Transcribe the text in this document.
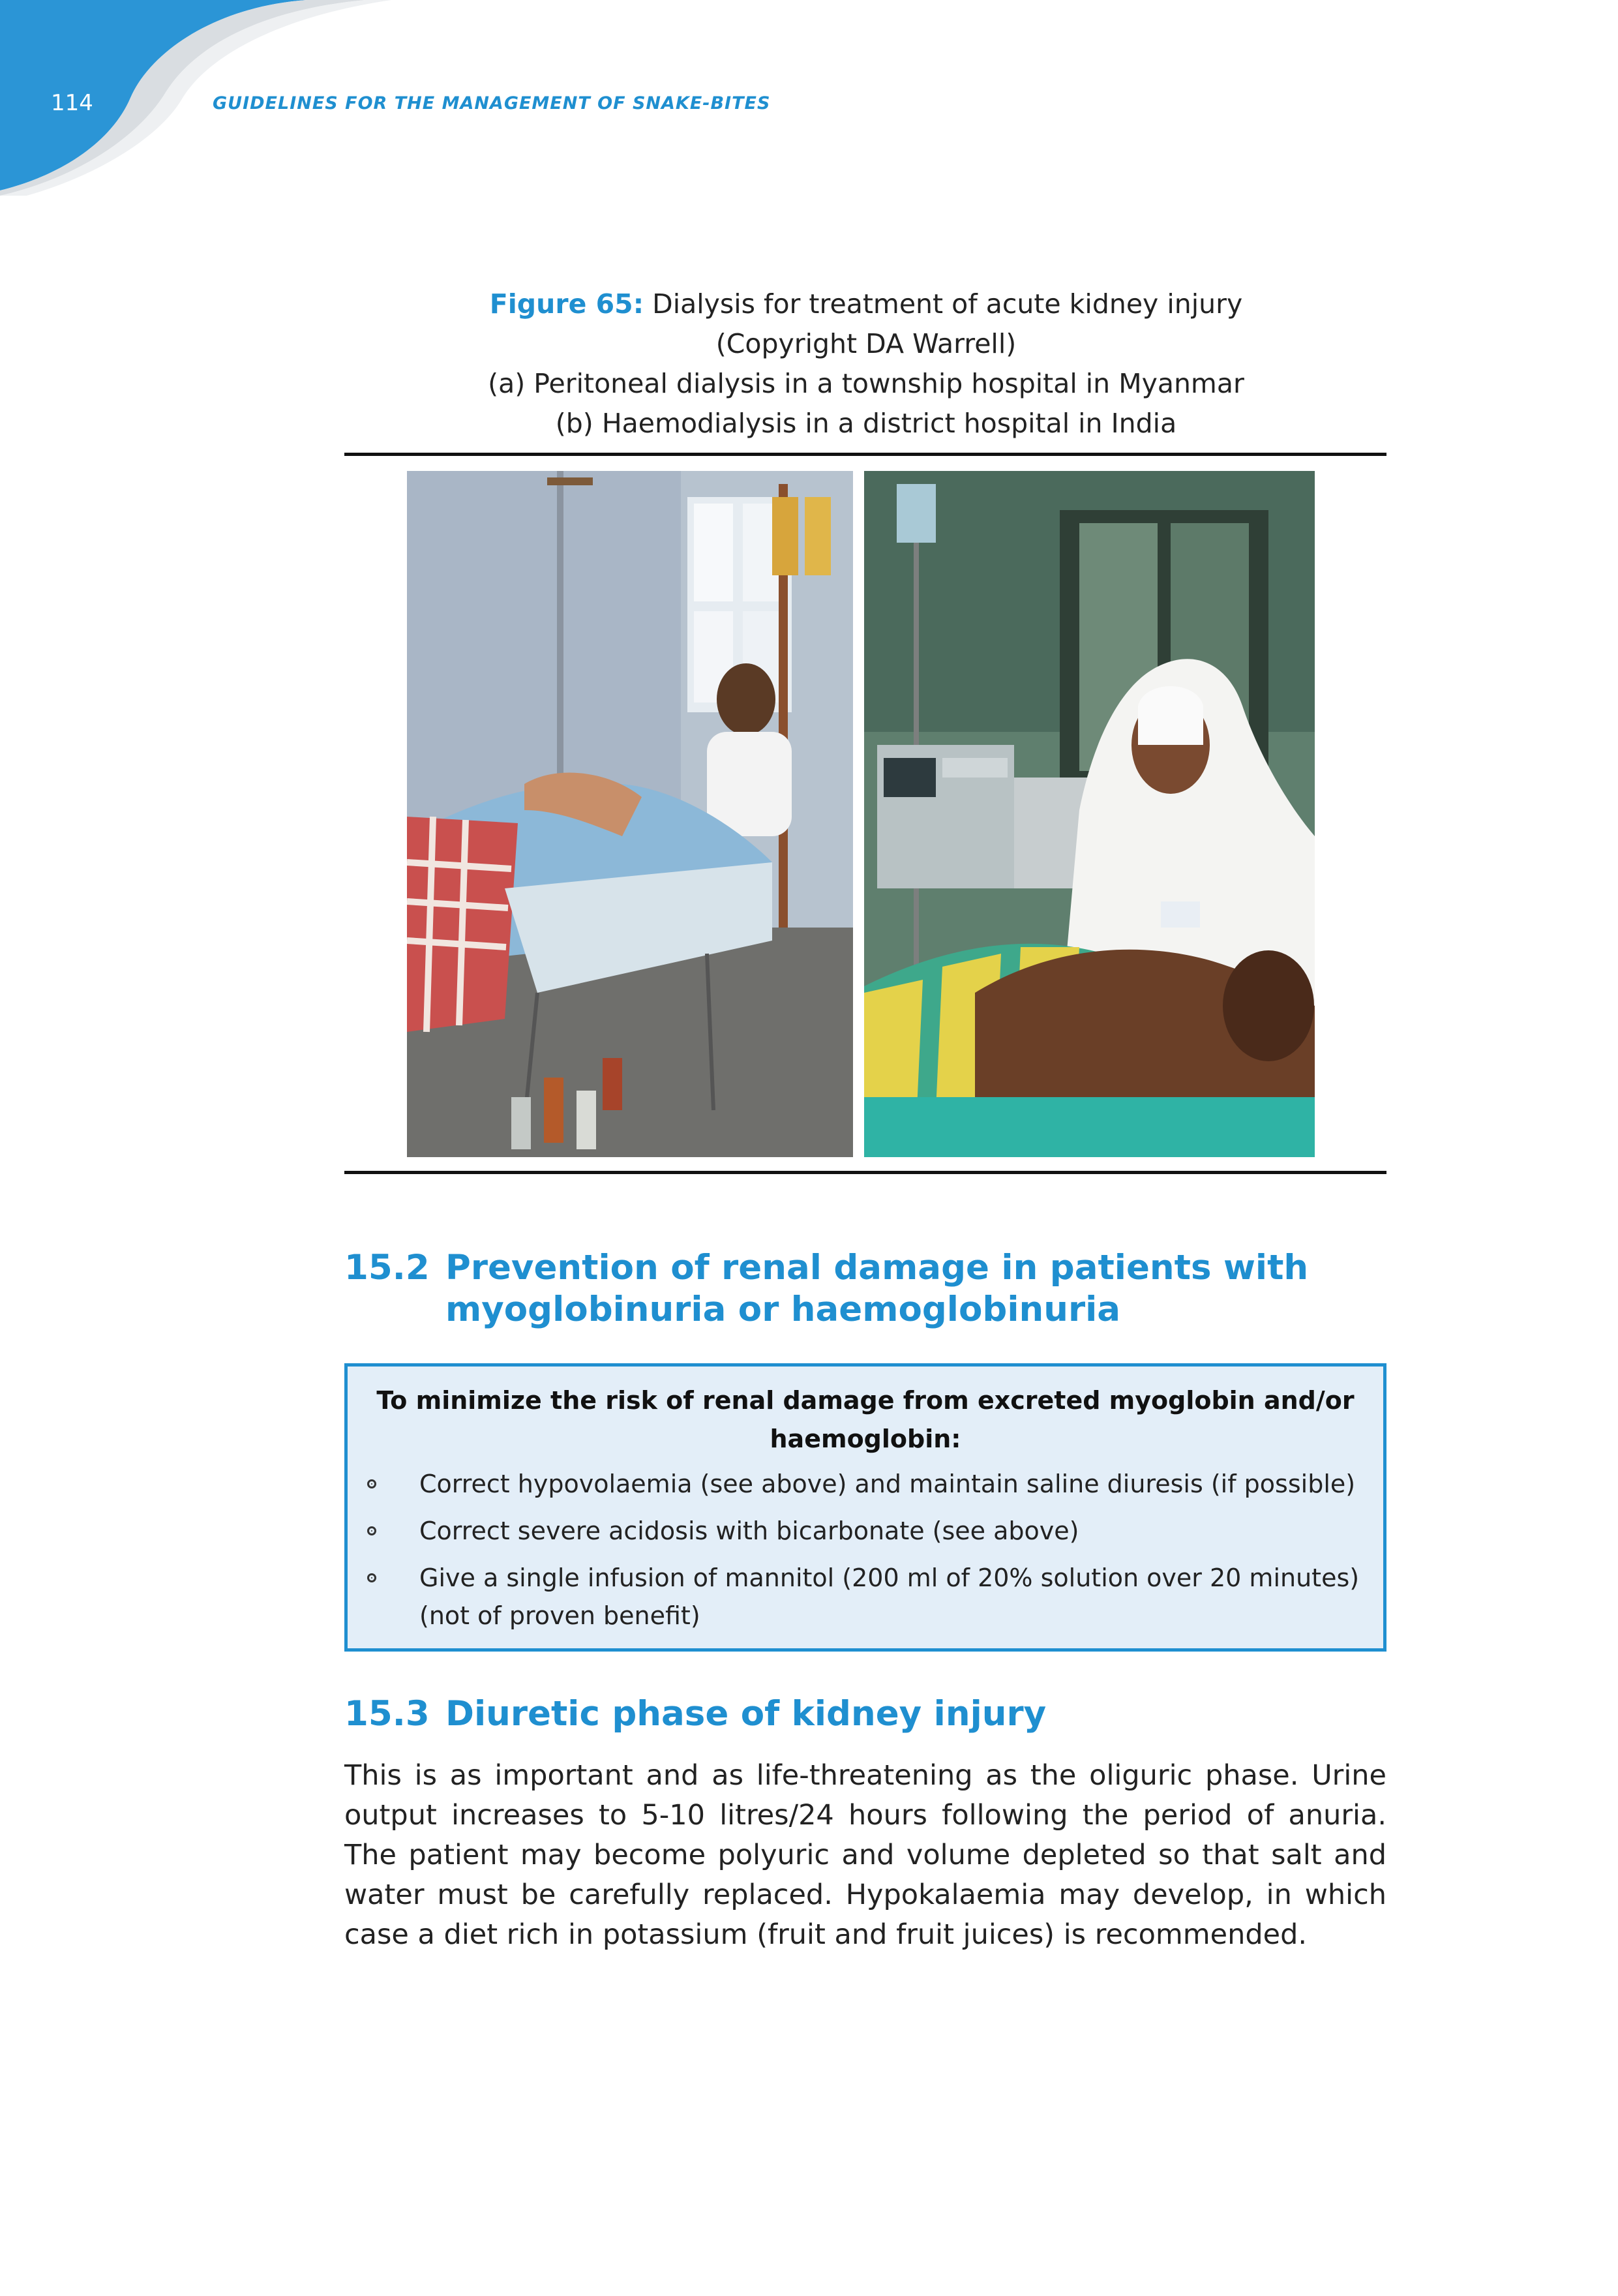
114	GUIDELINES FOR THE MANAGEMENT OF SNAKE-BITES
Figure 65: Dialysis for treatment of acute kidney injury
(Copyright DA Warrell)
(a) Peritoneal dialysis in a township hospital in Myanmar
(b) Haemodialysis in a district hospital in India
15.2 Prevention of renal damage in patients with
myoglobinuria or haemoglobinuria
To minimize the risk of renal damage from excreted myoglobin and/or haemoglobin:
Correct hypovolaemia (see above) and maintain saline diuresis (if possible)
Correct severe acidosis with bicarbonate (see above)
Give a single infusion of mannitol (200 ml of 20% solution over 20 minutes) (not of proven benefit)
15.3 Diuretic phase of kidney injury

This is as important and as life-threatening as the oliguric phase. Urine output increases to 5-10 litres/24 hours following the period of anuria. The patient may become polyuric and volume depleted so that salt and water must be carefully replaced. Hypokalaemia may develop, in which case a diet rich in potassium (fruit and fruit juices) is recommended.
